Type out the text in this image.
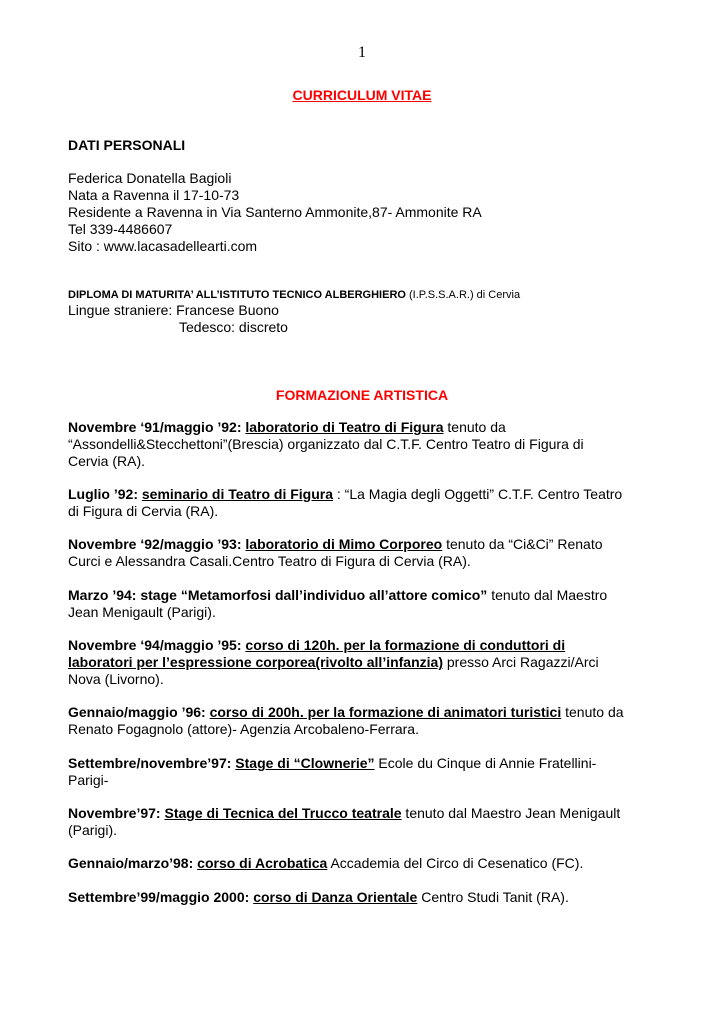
1
CURRICULUM VITAE
DATI PERSONALI
Federica Donatella Bagioli
Nata a Ravenna il 17-10-73
Residente a Ravenna in Via Santerno Ammonite,87- Ammonite RA
Tel 339-4486607
Sito : www.lacasadellearti.com
DIPLOMA DI MATURITA’ ALL’ISTITUTO TECNICO ALBERGHIERO (I.P.S.S.A.R.) di Cervia
Lingue straniere: Francese Buono
Tedesco: discreto
FORMAZIONE ARTISTICA
Novembre ‘91/maggio ’92: laboratorio di Teatro di Figura tenuto da
“Assondelli&Stecchettoni”(Brescia) organizzato dal C.T.F. Centro Teatro di Figura di
Cervia (RA).
Luglio ’92: seminario di Teatro di Figura : “La Magia degli Oggetti” C.T.F. Centro Teatro
di Figura di Cervia (RA).
Novembre ‘92/maggio ’93: laboratorio di Mimo Corporeo tenuto da “Ci&Ci” Renato
Curci e Alessandra Casali.Centro Teatro di Figura di Cervia (RA).
Marzo ’94: stage “Metamorfosi dall’individuo all’attore comico” tenuto dal Maestro
Jean Menigault (Parigi).
Novembre ‘94/maggio ’95: corso di 120h. per la formazione di conduttori di
laboratori per l’espressione corporea(rivolto all’infanzia) presso Arci Ragazzi/Arci
Nova (Livorno).
Gennaio/maggio ’96: corso di 200h. per la formazione di animatori turistici tenuto da
Renato Fogagnolo (attore)- Agenzia Arcobaleno-Ferrara.
Settembre/novembre’97: Stage di “Clownerie” Ecole du Cinque di Annie Fratellini-
Parigi-
Novembre’97: Stage di Tecnica del Trucco teatrale tenuto dal Maestro Jean Menigault
(Parigi).
Gennaio/marzo’98: corso di Acrobatica Accademia del Circo di Cesenatico (FC).
Settembre’99/maggio 2000: corso di Danza Orientale Centro Studi Tanit (RA).
